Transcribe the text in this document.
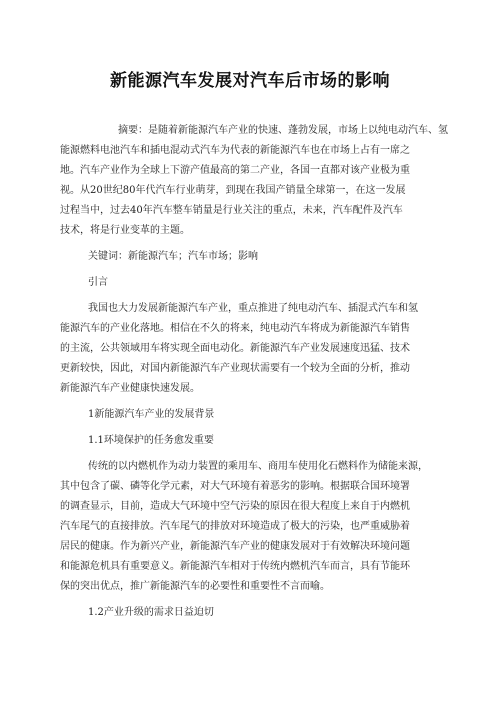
新能源汽车发展对汽车后市场的影响
摘要：是随着新能源汽车产业的快速、蓬勃发展，市场上以纯电动汽车、氢
能源燃料电池汽车和插电混动式汽车为代表的新能源汽车也在市场上占有一席之
地。汽车产业作为全球上下游产值最高的第二产业，各国一直都对该产业极为重
视。从20世纪80年代汽车行业萌芽，到现在我国产销量全球第一，在这一发展
过程当中，过去40年汽车整车销量是行业关注的重点，未来，汽车配件及汽车
技术，将是行业变革的主题。
关键词：新能源汽车；汽车市场；影响
引言
我国也大力发展新能源汽车产业，重点推进了纯电动汽车、插混式汽车和氢
能源汽车的产业化落地。相信在不久的将来，纯电动汽车将成为新能源汽车销售
的主流，公共领域用车将实现全面电动化。新能源汽车产业发展速度迅猛、技术
更新较快，因此，对国内新能源汽车产业现状需要有一个较为全面的分析，推动
新能源汽车产业健康快速发展。
1新能源汽车产业的发展背景
1.1环境保护的任务愈发重要
传统的以内燃机作为动力装置的乘用车、商用车使用化石燃料作为储能来源，
其中包含了碳、磷等化学元素，对大气环境有着恶劣的影响。根据联合国环境署
的调查显示，目前，造成大气环境中空气污染的原因在很大程度上来自于内燃机
汽车尾气的直接排放。汽车尾气的排放对环境造成了极大的污染，也严重威胁着
居民的健康。作为新兴产业，新能源汽车产业的健康发展对于有效解决环境问题
和能源危机具有重要意义。新能源汽车相对于传统内燃机汽车而言，具有节能环
保的突出优点，推广新能源汽车的必要性和重要性不言而喻。
1.2产业升级的需求日益迫切
